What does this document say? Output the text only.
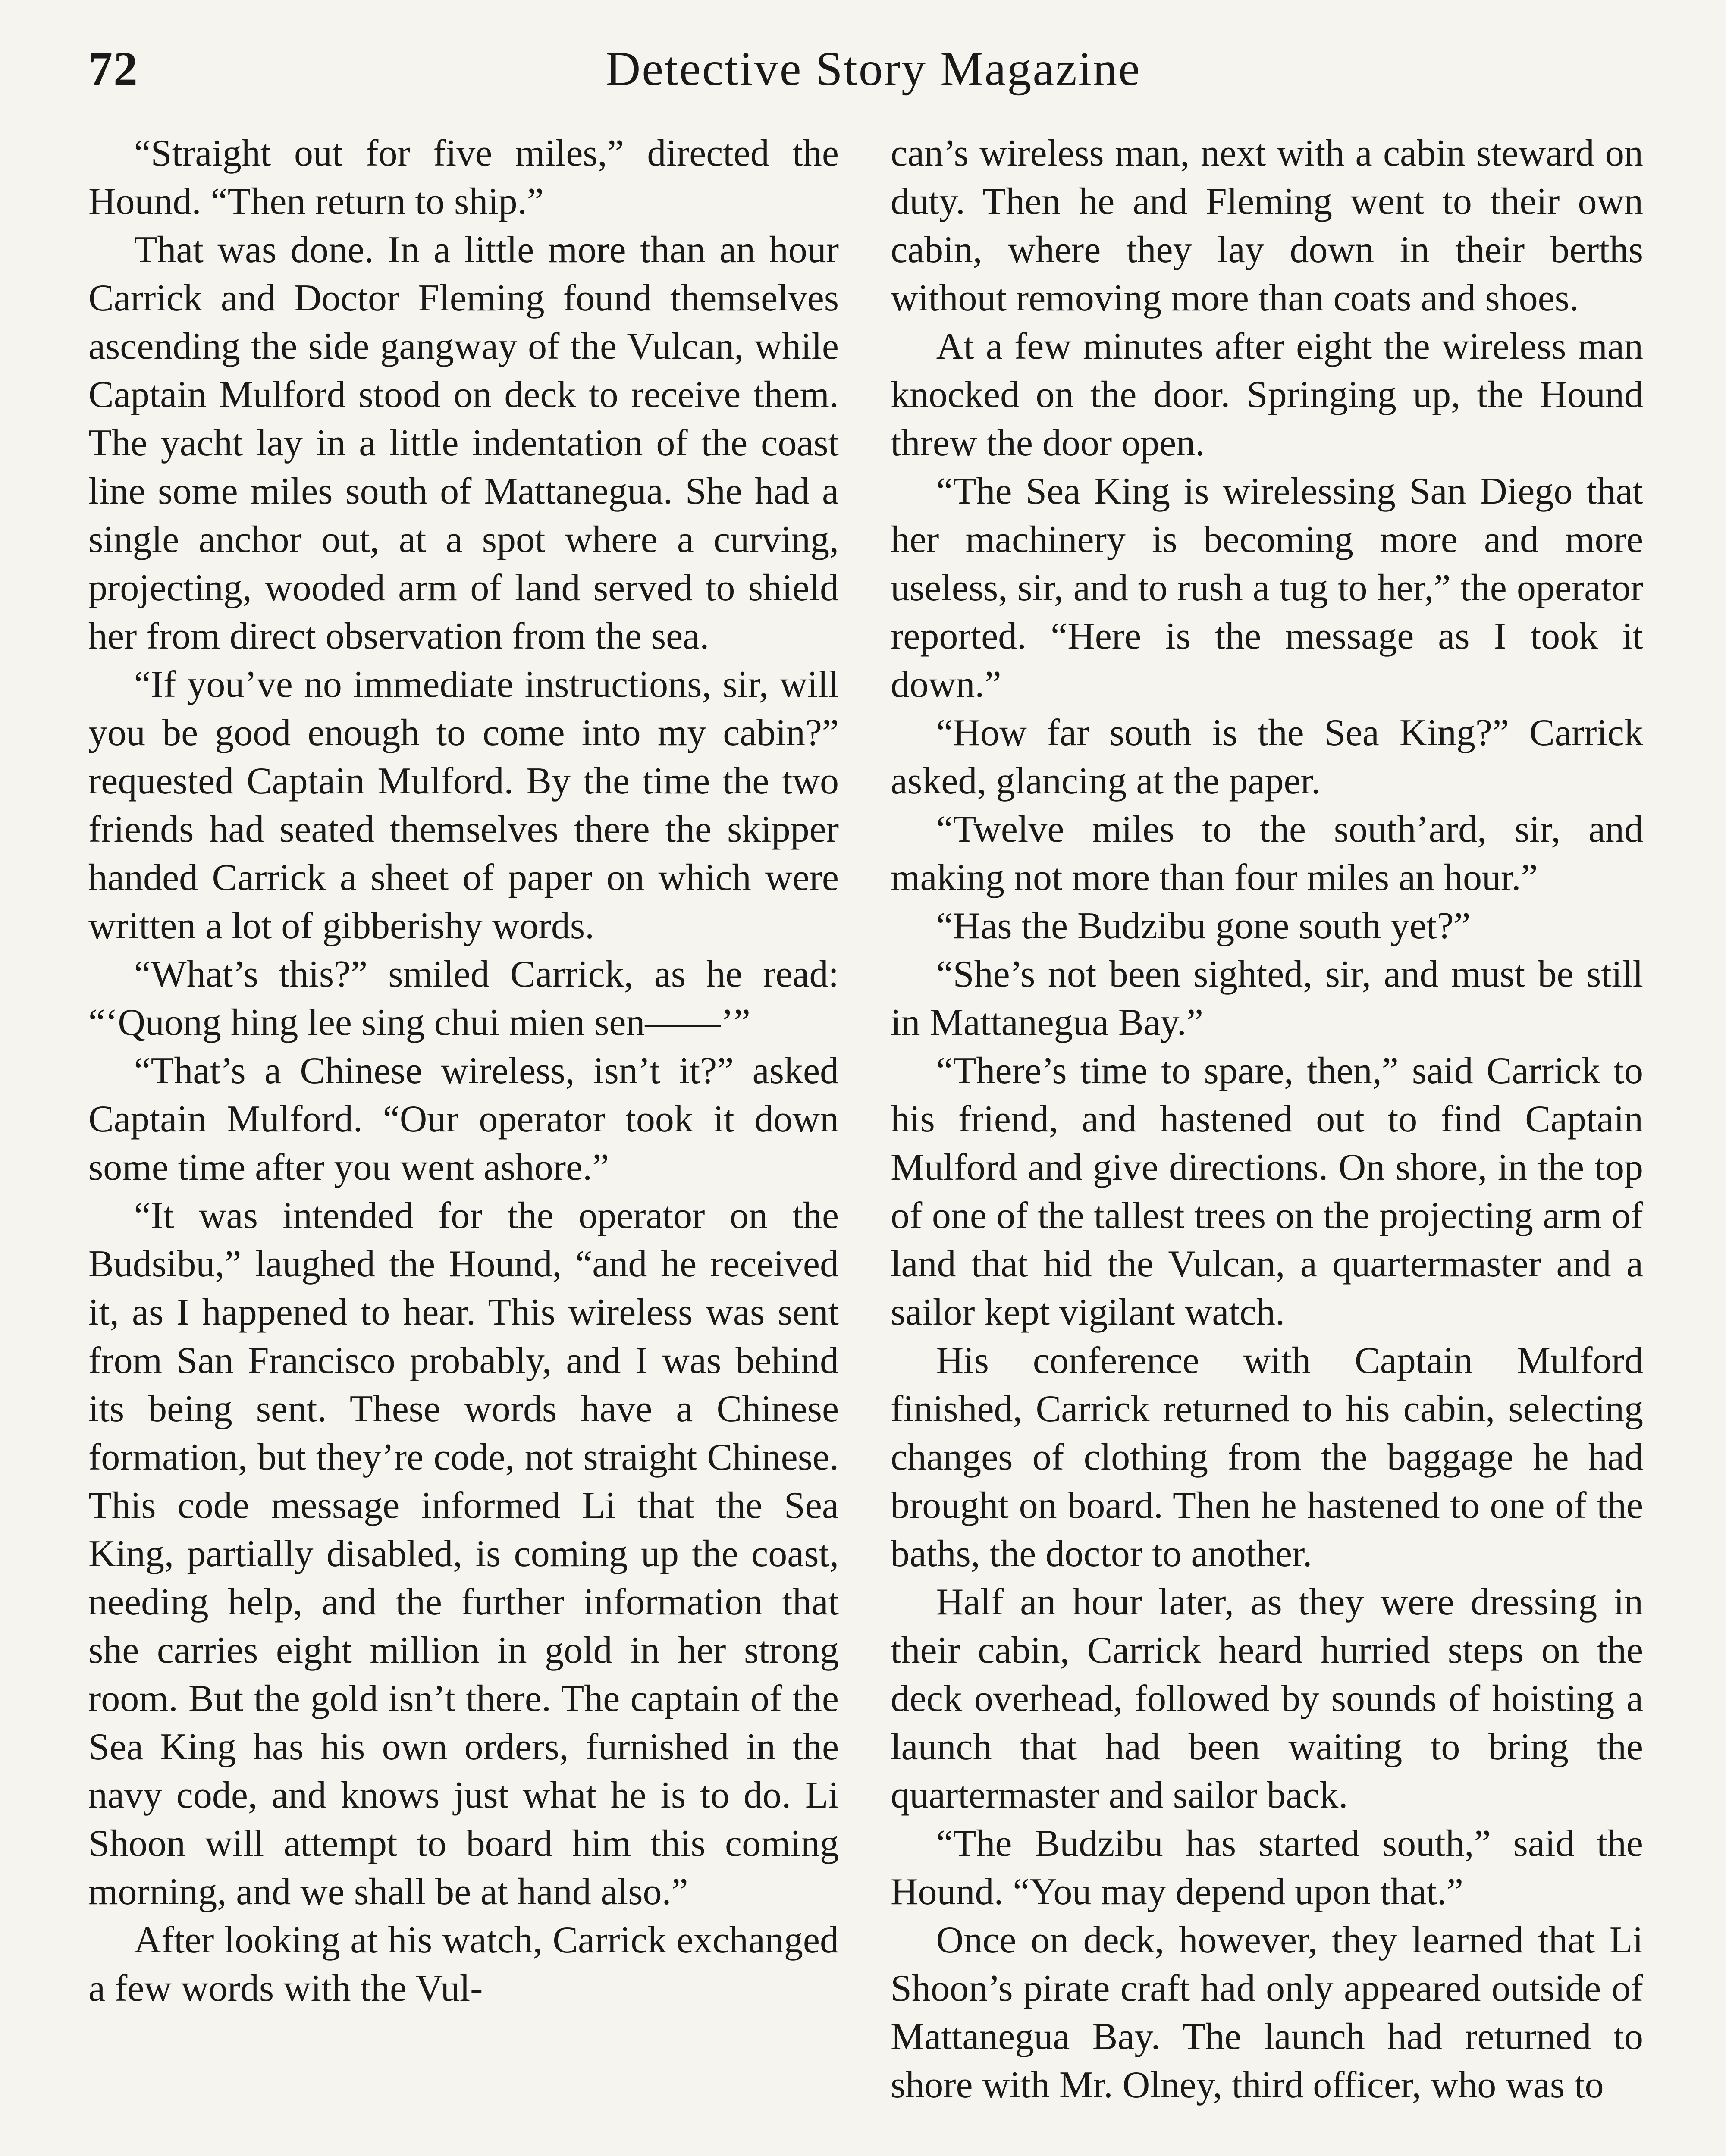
72	Detective Story Magazine

“Straight out for five miles,” directed the Hound. “Then return to ship.”

That was done. In a little more than an hour Carrick and Doctor Fleming found themselves ascending the side gangway of the Vulcan, while Captain Mulford stood on deck to receive them. The yacht lay in a little indentation of the coast line some miles south of Mattanegua. She had a single anchor out, at a spot where a curving, projecting, wooded arm of land served to shield her from direct observation from the sea.

“If you’ve no immediate instructions, sir, will you be good enough to come into my cabin?” requested Captain Mulford. By the time the two friends had seated themselves there the skipper handed Carrick a sheet of paper on which were written a lot of gibberishy words.

“What’s this?” smiled Carrick, as he read: “‘Quong hing lee sing chui mien sen——’”

“That’s a Chinese wireless, isn’t it?” asked Captain Mulford. “Our operator took it down some time after you went ashore.”

“It was intended for the operator on the Budsibu,” laughed the Hound, “and he received it, as I happened to hear. This wireless was sent from San Francisco probably, and I was behind its being sent. These words have a Chinese formation, but they’re code, not straight Chinese. This code message informed Li that the Sea King, partially disabled, is coming up the coast, needing help, and the further information that she carries eight million in gold in her strong room. But the gold isn’t there. The captain of the Sea King has his own orders, furnished in the navy code, and knows just what he is to do. Li Shoon will attempt to board him this coming morning, and we shall be at hand also.”

After looking at his watch, Carrick exchanged a few words with the Vul-

can’s wireless man, next with a cabin steward on duty. Then he and Fleming went to their own cabin, where they lay down in their berths without removing more than coats and shoes.

At a few minutes after eight the wireless man knocked on the door. Springing up, the Hound threw the door open.

“The Sea King is wirelessing San Diego that her machinery is becoming more and more useless, sir, and to rush a tug to her,” the operator reported. “Here is the message as I took it down.”

“How far south is the Sea King?” Carrick asked, glancing at the paper.

“Twelve miles to the south’ard, sir, and making not more than four miles an hour.”

“Has the Budzibu gone south yet?”

“She’s not been sighted, sir, and must be still in Mattanegua Bay.”

“There’s time to spare, then,” said Carrick to his friend, and hastened out to find Captain Mulford and give directions. On shore, in the top of one of the tallest trees on the projecting arm of land that hid the Vulcan, a quartermaster and a sailor kept vigilant watch.

His conference with Captain Mulford finished, Carrick returned to his cabin, selecting changes of clothing from the baggage he had brought on board. Then he hastened to one of the baths, the doctor to another.

Half an hour later, as they were dressing in their cabin, Carrick heard hurried steps on the deck overhead, followed by sounds of hoisting a launch that had been waiting to bring the quartermaster and sailor back.

“The Budzibu has started south,” said the Hound. “You may depend upon that.”

Once on deck, however, they learned that Li Shoon’s pirate craft had only appeared outside of Mattanegua Bay. The launch had returned to shore with Mr. Olney, third officer, who was to
